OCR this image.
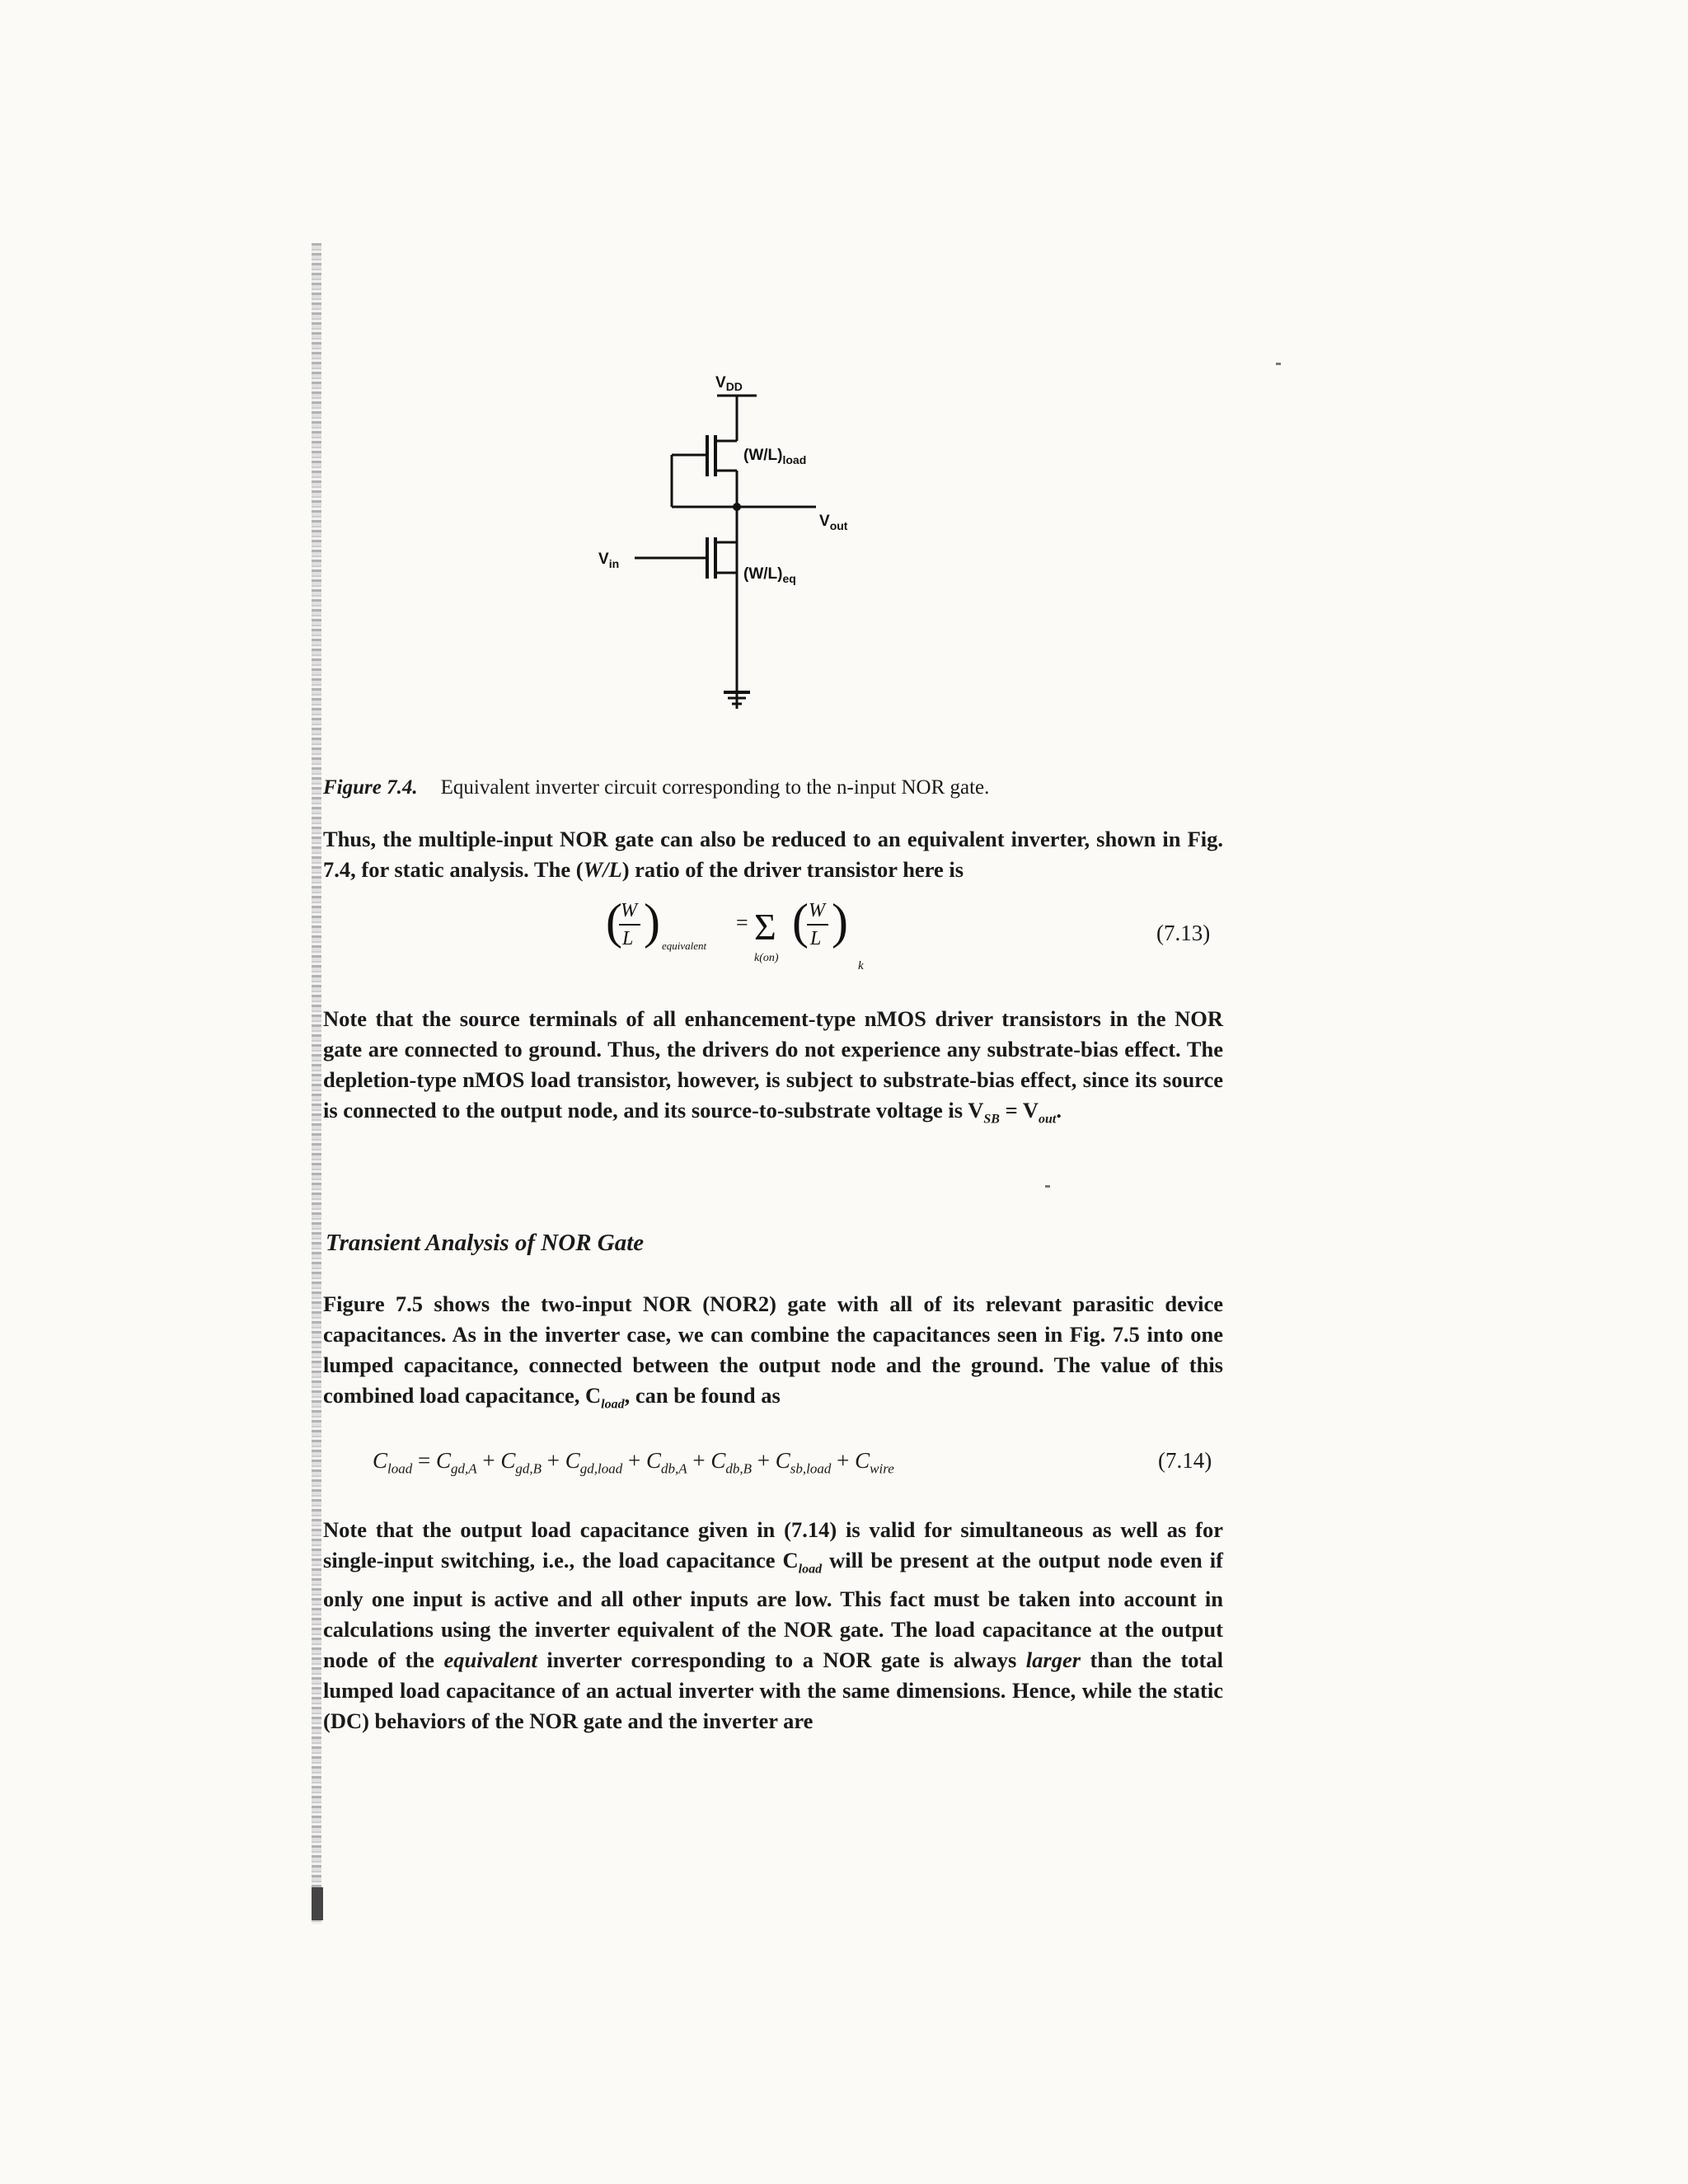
$V_{DD}$
$(W/L)_{load}$
$V_{out}$
$V_{in}$
$(W/L)_{eq}$

Figure 7.4. Equivalent inverter circuit corresponding to the n-input NOR gate.

Thus, the multiple-input NOR gate can also be reduced to an equivalent inverter, shown in Fig. 7.4, for static analysis. The (W/L) ratio of the driver transistor here is

(
W
L ) equivalent
= Σ
k(on)
( W
L )
k
(7.13)

Note that the source terminals of all enhancement-type nMOS driver transistors in the NOR gate are connected to ground. Thus, the drivers do not experience any substrate-bias effect. The depletion-type nMOS load transistor, however, is subject to substrate-bias effect, since its source is connected to the output node, and its source-to-substrate voltage is $V_{SB} = V_{out}$.

Transient Analysis of NOR Gate

Figure 7.5 shows the two-input NOR (NOR2) gate with all of its relevant parasitic device capacitances. As in the inverter case, we can combine the capacitances seen in Fig. 7.5 into one lumped capacitance, connected between the output node and the ground. The value of this combined load capacitance, $C_{load}$, can be found as

$C_{load} = C_{gd,A} + C_{gd,B} + C_{gd,load} + C_{db,A} + C_{db,B} + C_{sb,load} + C_{wire}$	(7.14)

Note that the output load capacitance given in (7.14) is valid for simultaneous as well as for single-input switching, i.e., the load capacitance $C_{load}$ will be present at the output node even if only one input is active and all other inputs are low. This fact must be taken into account in calculations using the inverter equivalent of the NOR gate. The load capacitance at the output node of the equivalent inverter corresponding to a NOR gate is always larger than the total lumped load capacitance of an actual inverter with the same dimensions. Hence, while the static (DC) behaviors of the NOR gate and the inverter are
